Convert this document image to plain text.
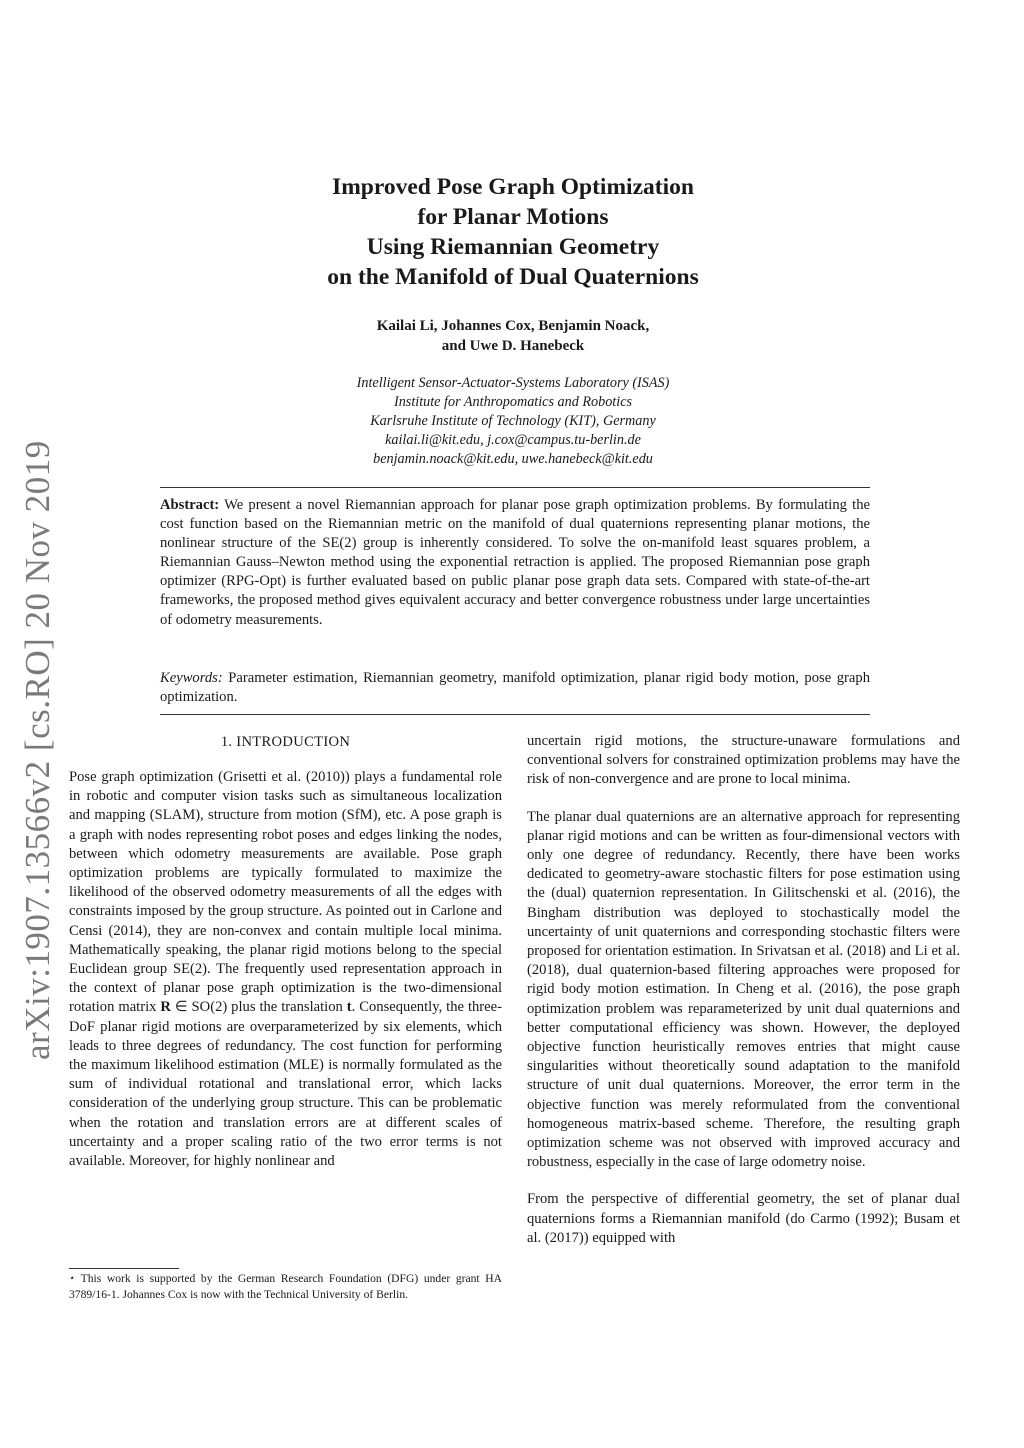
arXiv:1907.13566v2 [cs.RO] 20 Nov 2019
Improved Pose Graph Optimization
for Planar Motions
Using Riemannian Geometry
on the Manifold of Dual Quaternions
Kailai Li, Johannes Cox, Benjamin Noack,
and Uwe D. Hanebeck
Intelligent Sensor-Actuator-Systems Laboratory (ISAS)
Institute for Anthropomatics and Robotics
Karlsruhe Institute of Technology (KIT), Germany
kailai.li@kit.edu, j.cox@campus.tu-berlin.de
benjamin.noack@kit.edu, uwe.hanebeck@kit.edu
Abstract: We present a novel Riemannian approach for planar pose graph optimization problems. By formulating the cost function based on the Riemannian metric on the manifold of dual quaternions representing planar motions, the nonlinear structure of the SE(2) group is inherently considered. To solve the on-manifold least squares problem, a Riemannian Gauss–Newton method using the exponential retraction is applied. The proposed Riemannian pose graph optimizer (RPG-Opt) is further evaluated based on public planar pose graph data sets. Compared with state-of-the-art frameworks, the proposed method gives equivalent accuracy and better convergence robustness under large uncertainties of odometry measurements.
Keywords: Parameter estimation, Riemannian geometry, manifold optimization, planar rigid body motion, pose graph optimization.
1. INTRODUCTION

Pose graph optimization (Grisetti et al. (2010)) plays a fundamental role in robotic and computer vision tasks such as simultaneous localization and mapping (SLAM), structure from motion (SfM), etc. A pose graph is a graph with nodes representing robot poses and edges linking the nodes, between which odometry measurements are available. Pose graph optimization problems are typically formulated to maximize the likelihood of the observed odometry measurements of all the edges with constraints imposed by the group structure. As pointed out in Carlone and Censi (2014), they are non-convex and contain multiple local minima. Mathematically speaking, the planar rigid motions belong to the special Euclidean group SE(2). The frequently used representation approach in the context of planar pose graph optimization is the two-dimensional rotation matrix R ∈ SO(2) plus the translation t. Consequently, the three-DoF planar rigid motions are overparameterized by six elements, which leads to three degrees of redundancy. The cost function for performing the maximum likelihood estimation (MLE) is normally formulated as the sum of individual rotational and translational error, which lacks consideration of the underlying group structure. This can be problematic when the rotation and translation errors are at different scales of uncertainty and a proper scaling ratio of the two error terms is not available. Moreover, for highly nonlinear and

uncertain rigid motions, the structure-unaware formulations and conventional solvers for constrained optimization problems may have the risk of non-convergence and are prone to local minima.

The planar dual quaternions are an alternative approach for representing planar rigid motions and can be written as four-dimensional vectors with only one degree of redundancy. Recently, there have been works dedicated to geometry-aware stochastic filters for pose estimation using the (dual) quaternion representation. In Gilitschenski et al. (2016), the Bingham distribution was deployed to stochastically model the uncertainty of unit quaternions and corresponding stochastic filters were proposed for orientation estimation. In Srivatsan et al. (2018) and Li et al. (2018), dual quaternion-based filtering approaches were proposed for rigid body motion estimation. In Cheng et al. (2016), the pose graph optimization problem was reparameterized by unit dual quaternions and better computational efficiency was shown. However, the deployed objective function heuristically removes entries that might cause singularities without theoretically sound adaptation to the manifold structure of unit dual quaternions. Moreover, the error term in the objective function was merely reformulated from the conventional homogeneous matrix-based scheme. Therefore, the resulting graph optimization scheme was not observed with improved accuracy and robustness, especially in the case of large odometry noise.

From the perspective of differential geometry, the set of planar dual quaternions forms a Riemannian manifold (do Carmo (1992); Busam et al. (2017)) equipped with

⋆ This work is supported by the German Research Foundation (DFG) under grant HA 3789/16-1. Johannes Cox is now with the Technical University of Berlin.
